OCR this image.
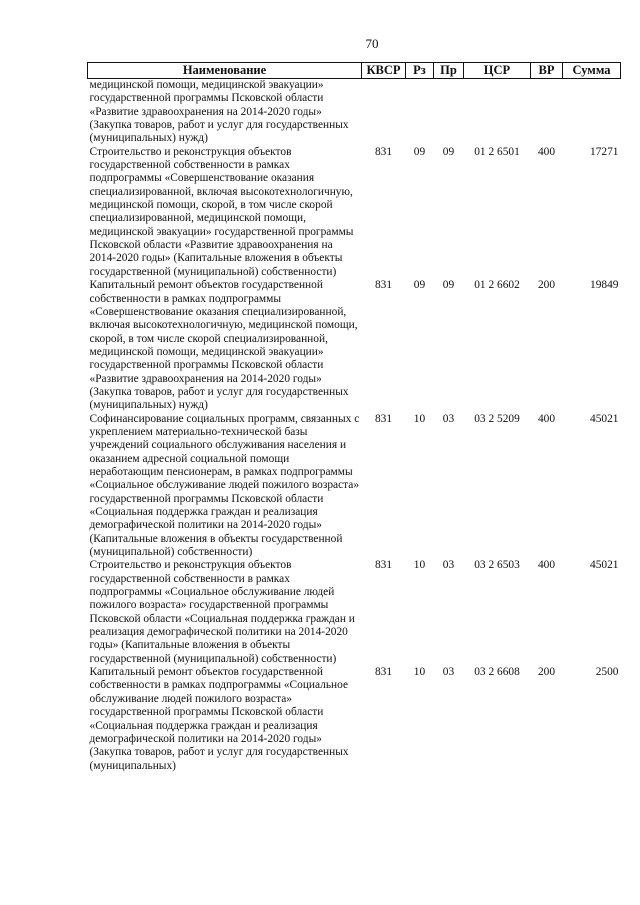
70
Наименование	КВСР	Рз	Пр	ЦСР	ВР	Сумма
медицинской помощи, медицинской эвакуации» государственной программы Псковской области «Развитие здравоохранения на 2014-2020 годы» (Закупка товаров, работ и услуг для государственных (муниципальных) нужд)						
Строительство и реконструкция объектов государственной собственности в рамках подпрограммы «Совершенствование оказания специализированной, включая высокотехнологичную, медицинской помощи, скорой, в том числе скорой специализированной, медицинской помощи, медицинской эвакуации» государственной программы Псковской области «Развитие здравоохранения на 2014-2020 годы» (Капитальные вложения в объекты государственной (муниципальной) собственности)	831	09	09	01 2 6501	400	17271
Капитальный ремонт объектов государственной собственности в рамках подпрограммы «Совершенствование оказания специализированной, включая высокотехнологичную, медицинской помощи, скорой, в том числе скорой специализированной, медицинской помощи, медицинской эвакуации» государственной программы Псковской области «Развитие здравоохранения на 2014-2020 годы» (Закупка товаров, работ и услуг для государственных (муниципальных) нужд)	831	09	09	01 2 6602	200	19849
Софинансирование социальных программ, связанных с укреплением материально-технической базы учреждений социального обслуживания населения и оказанием адресной социальной помощи неработающим пенсионерам, в рамках подпрограммы «Социальное обслуживание людей пожилого возраста» государственной программы Псковской области «Социальная поддержка граждан и реализация демографической политики на 2014-2020 годы» (Капитальные вложения в объекты государственной (муниципальной) собственности)	831	10	03	03 2 5209	400	45021
Строительство и реконструкция объектов государственной собственности в рамках подпрограммы «Социальное обслуживание людей пожилого возраста» государственной программы Псковской области «Социальная поддержка граждан и реализация демографической политики на 2014-2020 годы» (Капитальные вложения в объекты государственной (муниципальной) собственности)	831	10	03	03 2 6503	400	45021
Капитальный ремонт объектов государственной собственности в рамках подпрограммы «Социальное обслуживание людей пожилого возраста» государственной программы Псковской области «Социальная поддержка граждан и реализация демографической политики на 2014-2020 годы» (Закупка товаров, работ и услуг для государственных (муниципальных)	831	10	03	03 2 6608	200	2500
